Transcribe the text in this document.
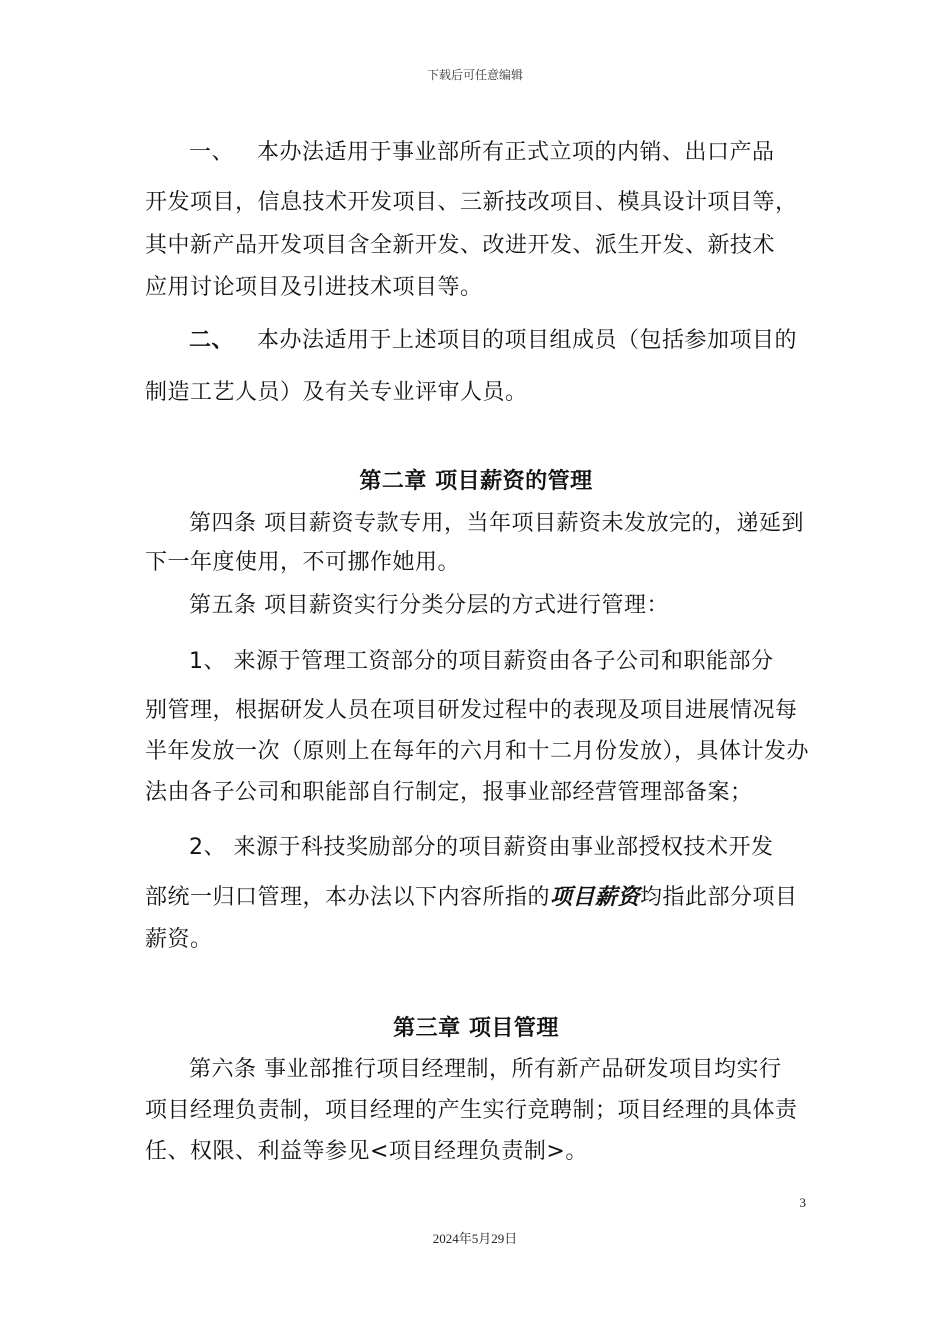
下载后可任意编辑
一、 本办法适用于事业部所有正式立项的内销、出口产品
开发项目，信息技术开发项目、三新技改项目、模具设计项目等，
其中新产品开发项目含全新开发、改进开发、派生开发、新技术
应用讨论项目及引进技术项目等。
二、 本办法适用于上述项目的项目组成员（包括参加项目的
制造工艺人员）及有关专业评审人员。
第二章 项目薪资的管理
第四条 项目薪资专款专用，当年项目薪资未发放完的，递延到
下一年度使用，不可挪作她用。
第五条 项目薪资实行分类分层的方式进行管理：
1、 来源于管理工资部分的项目薪资由各子公司和职能部分
别管理，根据研发人员在项目研发过程中的表现及项目进展情况每
半年发放一次（原则上在每年的六月和十二月份发放），具体计发办
法由各子公司和职能部自行制定，报事业部经营管理部备案；
2、 来源于科技奖励部分的项目薪资由事业部授权技术开发
部统一归口管理，本办法以下内容所指的项目薪资均指此部分项目
薪资。
第三章 项目管理
第六条 事业部推行项目经理制，所有新产品研发项目均实行
项目经理负责制，项目经理的产生实行竞聘制；项目经理的具体责
任、权限、利益等参见<项目经理负责制>。
3
2024年5月29日
